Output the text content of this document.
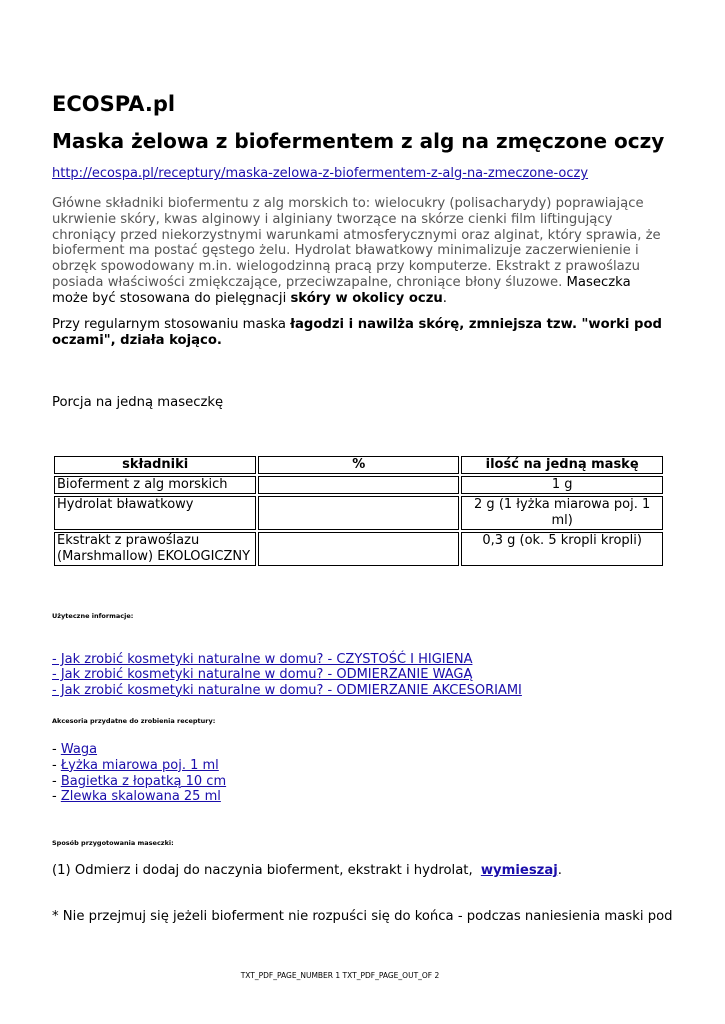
ECOSPA.pl
Maska żelowa z biofermentem z alg na zmęczone oczy
http://ecospa.pl/receptury/maska-zelowa-z-biofermentem-z-alg-na-zmeczone-oczy
Główne składniki biofermentu z alg morskich to: wielocukry (polisacharydy) poprawiające ukrwienie skóry, kwas alginowy i alginiany tworzące na skórze cienki film liftingujący chroniący przed niekorzystnymi warunkami atmosferycznymi oraz alginat, który sprawia, że bioferment ma postać gęstego żelu. Hydrolat bławatkowy minimalizuje zaczerwienienie i obrzęk spowodowany m.in. wielogodzinną pracą przy komputerze. Ekstrakt z prawoślazu posiada właściwości zmiękczające, przeciwzapalne, chroniące błony śluzowe. Maseczka może być stosowana do pielęgnacji skóry w okolicy oczu.
Przy regularnym stosowaniu maska łagodzi i nawilża skórę, zmniejsza tzw. "worki pod oczami", działa kojąco.
Porcja na jedną maseczkę
składniki	%	ilość na jedną maskę
Bioferment z alg morskich		1 g
Hydrolat bławatkowy		2 g (1 łyżka miarowa poj. 1 ml)
Ekstrakt z prawoślazu (Marshmallow) EKOLOGICZNY		0,3 g (ok. 5 kropli kropli)
Użyteczne informacje:
- Jak zrobić kosmetyki naturalne w domu? - CZYSTOŚĆ I HIGIENA
- Jak zrobić kosmetyki naturalne w domu? - ODMIERZANIE WAGĄ
- Jak zrobić kosmetyki naturalne w domu? - ODMIERZANIE AKCESORIAMI
Akcesoria przydatne do zrobienia receptury:
- Waga
- Łyżka miarowa poj. 1 ml
- Bagietka z łopatką 10 cm
- Zlewka skalowana 25 ml
Sposób przygotowania maseczki:
(1) Odmierz i dodaj do naczynia bioferment, ekstrakt i hydrolat, wymieszaj.
* Nie przejmuj się jeżeli bioferment nie rozpuści się do końca - podczas naniesienia maski pod
TXT_PDF_PAGE_NUMBER 1 TXT_PDF_PAGE_OUT_OF 2
